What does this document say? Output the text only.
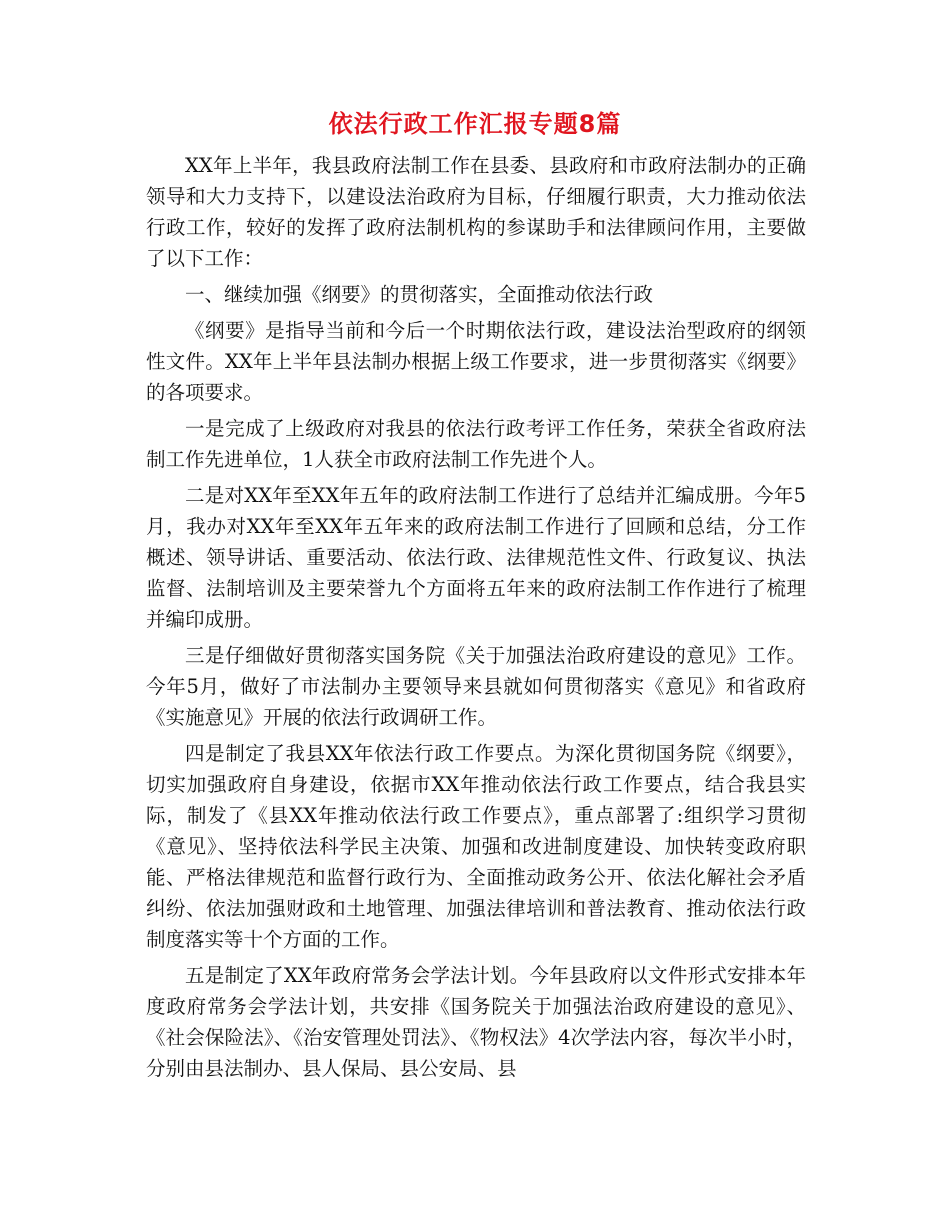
依法行政工作汇报专题8篇

XX年上半年，我县政府法制工作在县委、县政府和市政府法制办的正确领导和大力支持下，以建设法治政府为目标，仔细履行职责，大力推动依法行政工作，较好的发挥了政府法制机构的参谋助手和法律顾问作用，主要做了以下工作：

一、继续加强《纲要》的贯彻落实，全面推动依法行政

《纲要》是指导当前和今后一个时期依法行政，建设法治型政府的纲领性文件。XX年上半年县法制办根据上级工作要求，进一步贯彻落实《纲要》的各项要求。

一是完成了上级政府对我县的依法行政考评工作任务，荣获全省政府法制工作先进单位，1人获全市政府法制工作先进个人。

二是对XX年至XX年五年的政府法制工作进行了总结并汇编成册。今年5月，我办对XX年至XX年五年来的政府法制工作进行了回顾和总结，分工作概述、领导讲话、重要活动、依法行政、法律规范性文件、行政复议、执法监督、法制培训及主要荣誉九个方面将五年来的政府法制工作作进行了梳理并编印成册。

三是仔细做好贯彻落实国务院《关于加强法治政府建设的意见》工作。今年5月，做好了市法制办主要领导来县就如何贯彻落实《意见》和省政府《实施意见》开展的依法行政调研工作。

四是制定了我县XX年依法行政工作要点。为深化贯彻国务院《纲要》，切实加强政府自身建设，依据市XX年推动依法行政工作要点，结合我县实际，制发了《县XX年推动依法行政工作要点》，重点部署了:组织学习贯彻《意见》、坚持依法科学民主决策、加强和改进制度建设、加快转变政府职能、严格法律规范和监督行政行为、全面推动政务公开、依法化解社会矛盾纠纷、依法加强财政和土地管理、加强法律培训和普法教育、推动依法行政制度落实等十个方面的工作。

五是制定了XX年政府常务会学法计划。今年县政府以文件形式安排本年度政府常务会学法计划，共安排《国务院关于加强法治政府建设的意见》、《社会保险法》、《治安管理处罚法》、《物权法》4次学法内容，每次半小时，分别由县法制办、县人保局、县公安局、县
